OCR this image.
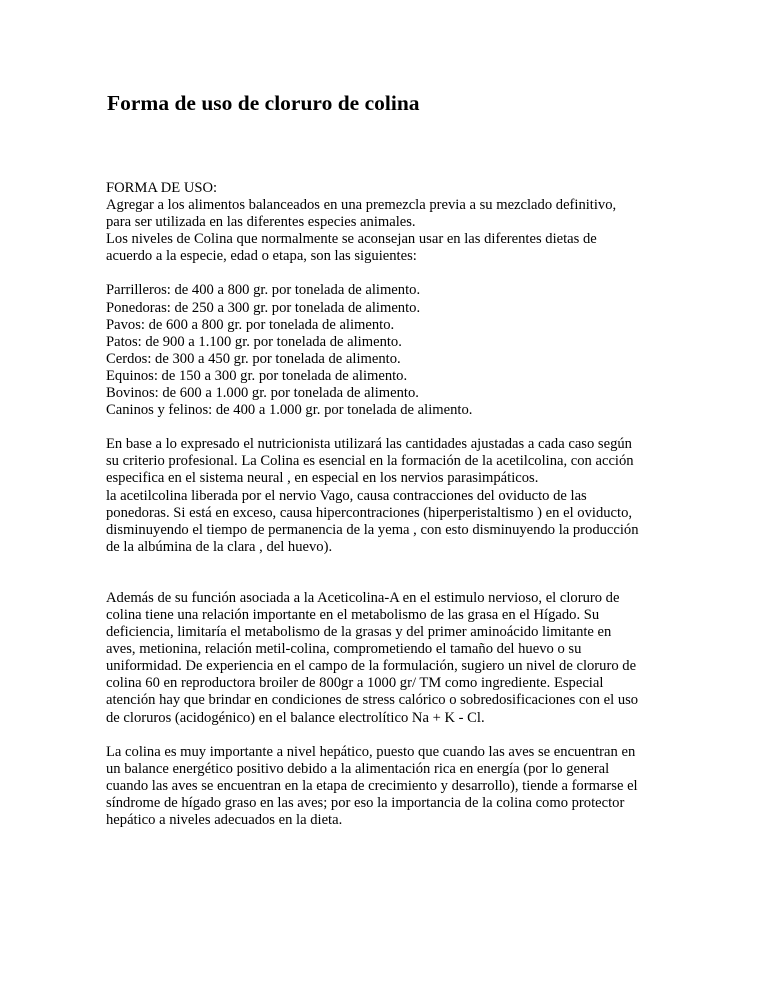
Forma de uso de cloruro de colina

FORMA DE USO:
Agregar a los alimentos balanceados en una premezcla previa a su mezclado definitivo,
para ser utilizada en las diferentes especies animales.
Los niveles de Colina que normalmente se aconsejan usar en las diferentes dietas de
acuerdo a la especie, edad o etapa, son las siguientes:

Parrilleros: de 400 a 800 gr. por tonelada de alimento.
Ponedoras: de 250 a 300 gr. por tonelada de alimento.
Pavos: de 600 a 800 gr. por tonelada de alimento.
Patos: de 900 a 1.100 gr. por tonelada de alimento.
Cerdos: de 300 a 450 gr. por tonelada de alimento.
Equinos: de 150 a 300 gr. por tonelada de alimento.
Bovinos: de 600 a 1.000 gr. por tonelada de alimento.
Caninos y felinos: de 400 a 1.000 gr. por tonelada de alimento.

En base a lo expresado el nutricionista utilizará las cantidades ajustadas a cada caso según
su criterio profesional. La Colina es esencial en la formación de la acetilcolina, con acción
especifica en el sistema neural , en especial en los nervios parasimpáticos.
la acetilcolina liberada por el nervio Vago, causa contracciones del oviducto de las
ponedoras. Si está en exceso, causa hipercontraciones (hiperperistaltismo ) en el oviducto,
disminuyendo el tiempo de permanencia de la yema , con esto disminuyendo la producción
de la albúmina de la clara , del huevo).

Además de su función asociada a la Aceticolina-A en el estimulo nervioso, el cloruro de
colina tiene una relación importante en el metabolismo de las grasa en el Hígado. Su
deficiencia, limitaría el metabolismo de la grasas y del primer aminoácido limitante en
aves, metionina, relación metil-colina, comprometiendo el tamaño del huevo o su
uniformidad. De experiencia en el campo de la formulación, sugiero un nivel de cloruro de
colina 60 en reproductora broiler de 800gr a 1000 gr/ TM como ingrediente. Especial
atención hay que brindar en condiciones de stress calórico o sobredosificaciones con el uso
de cloruros (acidogénico) en el balance electrolítico Na + K - Cl.

La colina es muy importante a nivel hepático, puesto que cuando las aves se encuentran en
un balance energético positivo debido a la alimentación rica en energía (por lo general
cuando las aves se encuentran en la etapa de crecimiento y desarrollo), tiende a formarse el
síndrome de hígado graso en las aves; por eso la importancia de la colina como protector
hepático a niveles adecuados en la dieta.
